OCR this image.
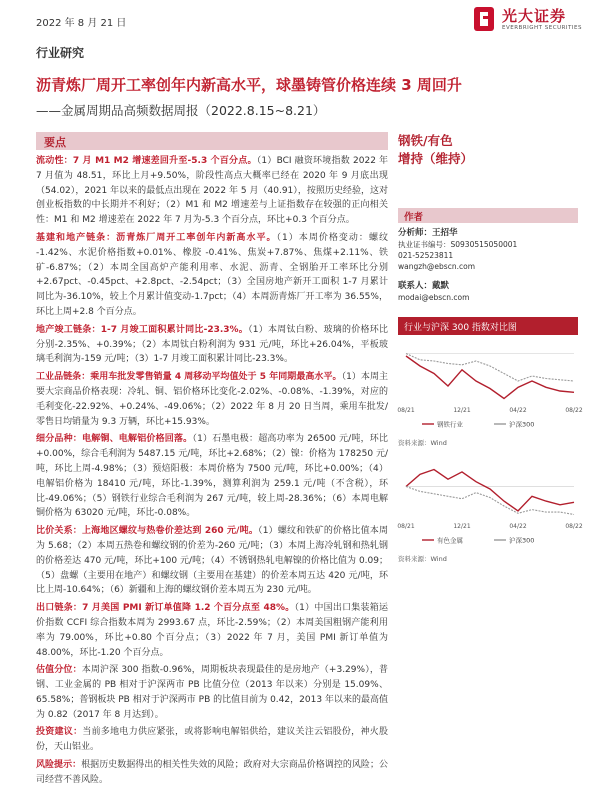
2022 年 8 月 21 日	光大证券
EVERBRIGHT SECURITIES
行业研究
沥青炼厂周开工率创年内新高水平，球墨铸管价格连续 3 周回升
——金属周期品高频数据周报（2022.8.15~8.21）
要点
流动性：7 月 M1 M2 增速差回升至-5.3 个百分点。（1）BCI 融资环境指数 2022 年 7 月值为 48.51，环比上月+9.50%，阶段性高点大概率已经在 2020 年 9 月底出现（54.02），2021 年以来的最低点出现在 2022 年 5 月（40.91），按照历史经验，这对创业板指数的中长期并不利好；（2）M1 和 M2 增速差与上证指数存在较强的正向相关性：M1 和 M2 增速差在 2022 年 7 月为-5.3 个百分点，环比+0.3 个百分点。
基建和地产链条：沥青炼厂周开工率创年内新高水平。（1）本周价格变动：螺纹 -1.42%、水泥价格指数+0.01%、橡胶 -0.41%、焦炭+7.87%、焦煤+2.11%、铁矿-6.87%；（2）本周全国高炉产能利用率、水泥、沥青、全钢胎开工率环比分别+2.67pct、-0.45pct、+2.8pct、-2.54pct；（3）全国房地产新开工面积 1-7 月累计同比为-36.10%，较上个月累计值变动-1.7pct；（4）本周沥青炼厂开工率为 36.55%，环比上周+2.8 个百分点。
地产竣工链条：1-7 月竣工面积累计同比-23.3%。（1）本周钛白粉、玻璃的价格环比分别-2.35%、+0.39%；（2）本周钛白粉利润为 931 元/吨，环比+26.04%，平板玻璃毛利润为-159 元/吨；（3）1-7 月竣工面积累计同比-23.3%。
工业品链条：乘用车批发零售销量 4 周移动平均值处于 5 年同期最高水平。（1）本周主要大宗商品价格表现：冷轧、铜、铝价格环比变化-2.02%、-0.08%、-1.39%，对应的毛利变化-22.92%、+0.24%、-49.06%；（2）2022 年 8 月 20 日当周，乘用车批发/零售日均销量为 9.3 万辆，环比+15.93%。
细分品种：电解铜、电解铝价格回落。（1）石墨电极：超高功率为 26500 元/吨，环比+0.00%，综合毛利润为 5487.15 元/吨，环比+2.68%；（2）镍：价格为 178250 元/吨，环比上周-4.98%；（3）预焙阳极：本周价格为 7500 元/吨，环比+0.00%；（4）电解铝价格为 18410 元/吨，环比-1.39%，测算利润为 259.1 元/吨（不含税），环比-49.06%；（5）钢铁行业综合毛利润为 267 元/吨，较上周-28.36%；（6）本周电解铜价格为 63020 元/吨，环比-0.08%。
比价关系：上海地区螺纹与热卷价差达到 260 元/吨。（1）螺纹和铁矿的价格比值本周为 5.68；（2）本周五热卷和螺纹钢的价差为-260 元/吨；（3）本周上海冷轧钢和热轧钢的价格差达 470 元/吨，环比+100 元/吨；（4）不锈钢热轧电解镍的价格比值为 0.09；（5）盘螺（主要用在地产）和螺纹钢（主要用在基建）的价差本周五达 420 元/吨，环比上周-10.64%；（6）新疆和上海的螺纹钢价差本周五为 230 元/吨。
出口链条：7 月美国 PMI 新订单值降 1.2 个百分点至 48%。（1）中国出口集装箱运价指数 CCFI 综合指数本周为 2993.67 点，环比-2.59%；（2）本周美国粗钢产能利用率为 79.00%，环比+0.80 个百分点；（3）2022 年 7 月，美国 PMI 新订单值为 48.00%，环比-1.20 个百分点。
估值分位：本周沪深 300 指数-0.96%，周期板块表现最佳的是房地产（+3.29%），普钢、工业金属的 PB 相对于沪深两市 PB 比值分位（2013 年以来）分别是 15.09%、65.58%；普钢板块 PB 相对于沪深两市 PB 的比值目前为 0.42，2013 年以来的最高值为 0.82（2017 年 8 月达到）。
投资建议：当前多地电力供应紧张，或将影响电解铝供给，建议关注云铝股份，神火股份，天山铝业。
风险提示：根据历史数据得出的相关性失效的风险；政府对大宗商品价格调控的风险；公司经营不善风险。
钢铁/有色
增持（维持）
作者
分析师：王招华
执业证书编号：S0930515050001
021-52523811
wangzh@ebscn.com
联系人：戴默
modai@ebscn.com
行业与沪深 300 指数对比图
08/21	12/21	04/22	08/22
钢铁行业	沪深300
资料来源：Wind
08/21	12/21	04/22	08/22
有色金属	沪深300
资料来源：Wind
